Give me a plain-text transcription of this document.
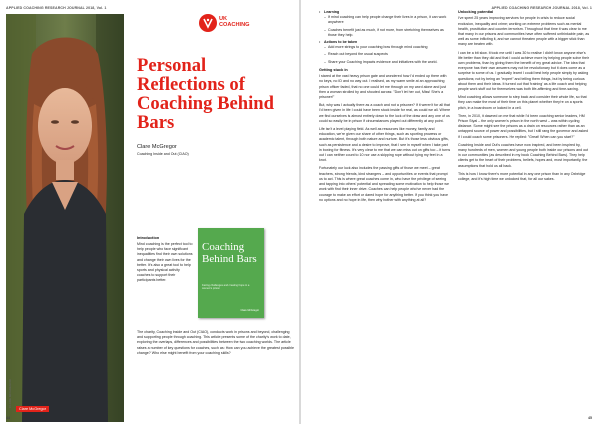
APPLIED COACHING RESEARCH JOURNAL 2018, Vol. 1
Clare McGregor
CLARE MCGREGOR
UK
COACHING
Personal Reflections of Coaching Behind Bars
Clare McGregor
Coaching Inside and Out (CIAO)
Introduction

Mind coaching is the perfect tool to help people who face significant inequalities find their own solutions and change their own lives for the better. It's also a great tool to help sports and physical activity coaches to support their participants better.

The charity, Coaching Inside and Out (CIAO), conducts work in prisons and beyond, challenging and supporting people through coaching. This article presents some of the charity's work to date, exploring the overlaps, differences and possibilities between the two coaching worlds. The article raises a number of key questions for coaches, such as: How can you achieve the greatest possible change? Who else might benefit from your coaching skills?

Coaching Behind Bars
Facing challenges and creating hope in a women's prison
Clare McGregor
44
APPLIED COACHING RESEARCH JOURNAL 2018, Vol. 1
•	Learning
– If mind coaching can help people change their lives in a prison, it can work anywhere
– Coaches benefit just as much, if not more, from stretching themselves as those they help.
•	Actions to be taken
– Add more strings to your coaching bow through mind coaching
– Reach out beyond the usual suspects
– Share your Coaching Impacts evidence and initiatives with the world.
Getting stuck in

I stared at the vast heavy prison gate and wondered how I'd ended up there with no keys, no ID and no way out. I realised, as my warm smile at an approaching prison officer faded, that no one could let me through on my word alone and just then a woman strolled by and shouted across: "Don't let her out, Miss! She's a prisoner!"

But, why was I actually there as a coach and not a prisoner? If it weren't for all that I'd been given in life I could have been stuck inside for real, as could we all. Where we find ourselves is almost entirely down to the luck of the draw and any one of us could so easily be in prison if circumstances played out differently at any point.

Life isn't a level playing field. As well as resources like money, family and education, we're given our share of other things, such as sporting prowess or academic talent, through both nature and nurture. But it's those less obvious gifts, such as persistence and a desire to improve, that I see in myself when I take part in boxing for fitness. It's very clear to me that we can miss out on gifts too – it turns out I can neither count to 10 nor use a skipping rope without tying my feet in a knot.

Fortunately our luck also includes the passing gifts of those we meet – great teachers, strong friends, kind strangers – and opportunities or events that prompt us to act. This is where great coaches come in, who have the privilege of seeing and tapping into others' potential and spreading some motivation to help those we work with find their inner drive. Coaches can help people who've never had the courage to make an effort or dared hope for anything better. If you think you have no options and no hope in life, then why bother with anything at all?

Unlocking potential

I've spent 25 years improving services for people in crisis to reduce social exclusion, inequality and crime; working on extreme problems such as mental health, prostitution and counter-terrorism. Throughout that time it was clear to me that many in our prisons and communities have often suffered unthinkable pain, as well as some inflicting it, and we cannot threaten people with a bigger stick than many are beaten with.

I can be a bit slow. It took me until I was 30 to realise I didn't know anyone else's life better than they did and that I could achieve more by helping people solve their own problems, than by giving them the benefit of my great advice. The idea that everyone has their own answers may not be revolutionary but it does come as a surprise to some of us. I gradually learnt I could best help people simply by asking questions; not by being an "expert" and telling them things, but by being curious about them and their ideas. It turned out that 'training' as a life coach and helping people work stuff out for themselves was both life-affirming and time-saving.

Mind coaching allows someone to step back and consider their whole life, so that they can make the most of their time on this planet whether they're on a sports pitch, in a boardroom or locked in a cell.

Then, in 2010, it dawned on me that while I'd been coaching senior leaders, HM Prison Styal – the only women's prison in the north west – was within cycling distance. Some might see the prisons as a drain on resources rather than as an untapped source of power and possibilities, but I still rang the governor and asked if I could coach some prisoners. He replied: "Great! When can you start?"

Coaching Inside and Out's coaches have now inspired, and been inspired by, many hundreds of men, women and young people both inside our prisons and out in our communities (as described in my book Coaching Behind Bars). They help clients get to the heart of their problems, beliefs, hopes and, most importantly, the assumptions that hold us all back.

This is how I know there's more potential in any one prison than in any Oxbridge college, and it's high time we unlocked that, for all our sakes.

45
